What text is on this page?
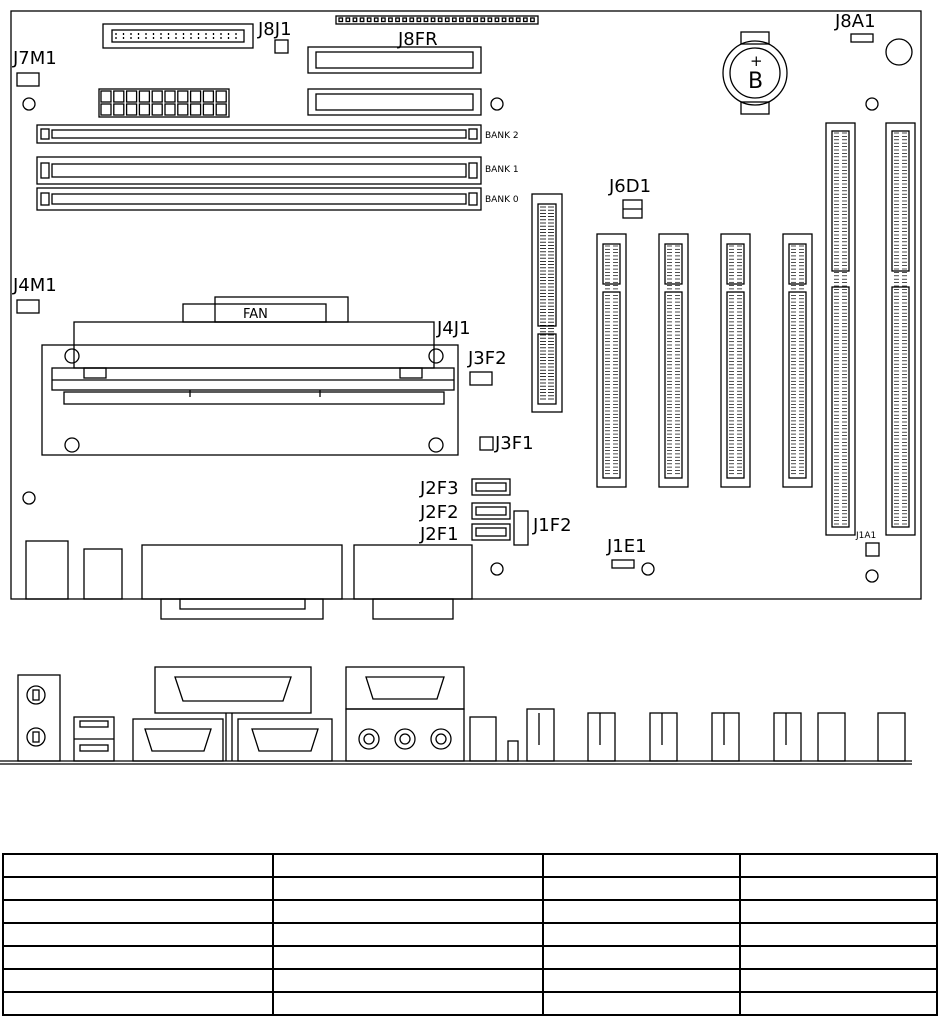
J8J1	J8FR
J7M1	+
B
J8A1
BANK 2
BANK 1
BANK 0
J6D1
J4M1
FAN
J4J1
J3F2
J3F1
J2F3
J2F2
J2F1	J1F2
J1E1	J1A1
